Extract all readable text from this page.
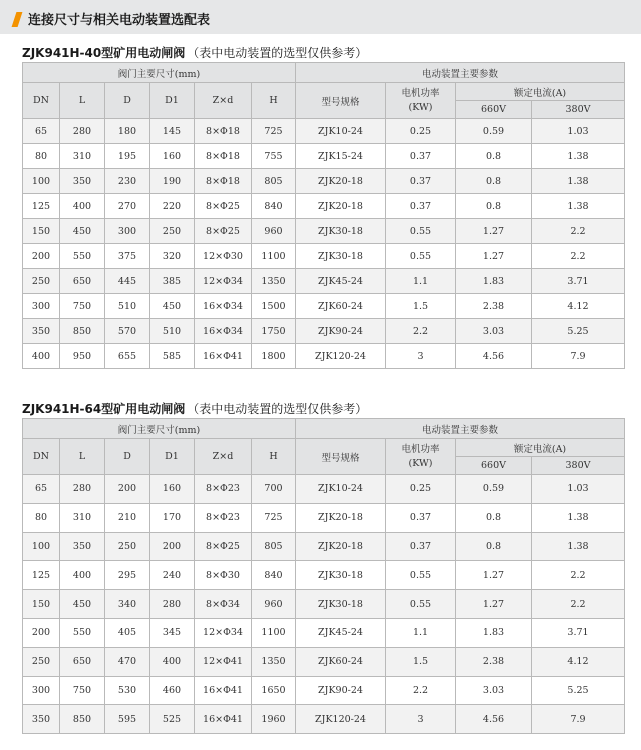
连接尺寸与相关电动装置选配表
ZJK941H-40型矿用电动闸阀 （表中电动装置的选型仅供参考）
阀门主要尺寸(mm)						电动装置主要参数			
DN	L	D	D1	Z×d	H	型号规格	电机功率
(KW)	额定电流(A)	
								660V	380V
65	280	180	145	8×Φ18	725	ZJK10-24	0.25	0.59	1.03
80	310	195	160	8×Φ18	755	ZJK15-24	0.37	0.8	1.38
100	350	230	190	8×Φ18	805	ZJK20-18	0.37	0.8	1.38
125	400	270	220	8×Φ25	840	ZJK20-18	0.37	0.8	1.38
150	450	300	250	8×Φ25	960	ZJK30-18	0.55	1.27	2.2
200	550	375	320	12×Φ30	1100	ZJK30-18	0.55	1.27	2.2
250	650	445	385	12×Φ34	1350	ZJK45-24	1.1	1.83	3.71
300	750	510	450	16×Φ34	1500	ZJK60-24	1.5	2.38	4.12
350	850	570	510	16×Φ34	1750	ZJK90-24	2.2	3.03	5.25
400	950	655	585	16×Φ41	1800	ZJK120-24	3	4.56	7.9
ZJK941H-64型矿用电动闸阀 （表中电动装置的选型仅供参考）
阀门主要尺寸(mm)						电动装置主要参数			
DN	L	D	D1	Z×d	H	型号规格	电机功率
(KW)	额定电流(A)	
								660V	380V
65	280	200	160	8×Φ23	700	ZJK10-24	0.25	0.59	1.03
80	310	210	170	8×Φ23	725	ZJK20-18	0.37	0.8	1.38
100	350	250	200	8×Φ25	805	ZJK20-18	0.37	0.8	1.38
125	400	295	240	8×Φ30	840	ZJK30-18	0.55	1.27	2.2
150	450	340	280	8×Φ34	960	ZJK30-18	0.55	1.27	2.2
200	550	405	345	12×Φ34	1100	ZJK45-24	1.1	1.83	3.71
250	650	470	400	12×Φ41	1350	ZJK60-24	1.5	2.38	4.12
300	750	530	460	16×Φ41	1650	ZJK90-24	2.2	3.03	5.25
350	850	595	525	16×Φ41	1960	ZJK120-24	3	4.56	7.9
